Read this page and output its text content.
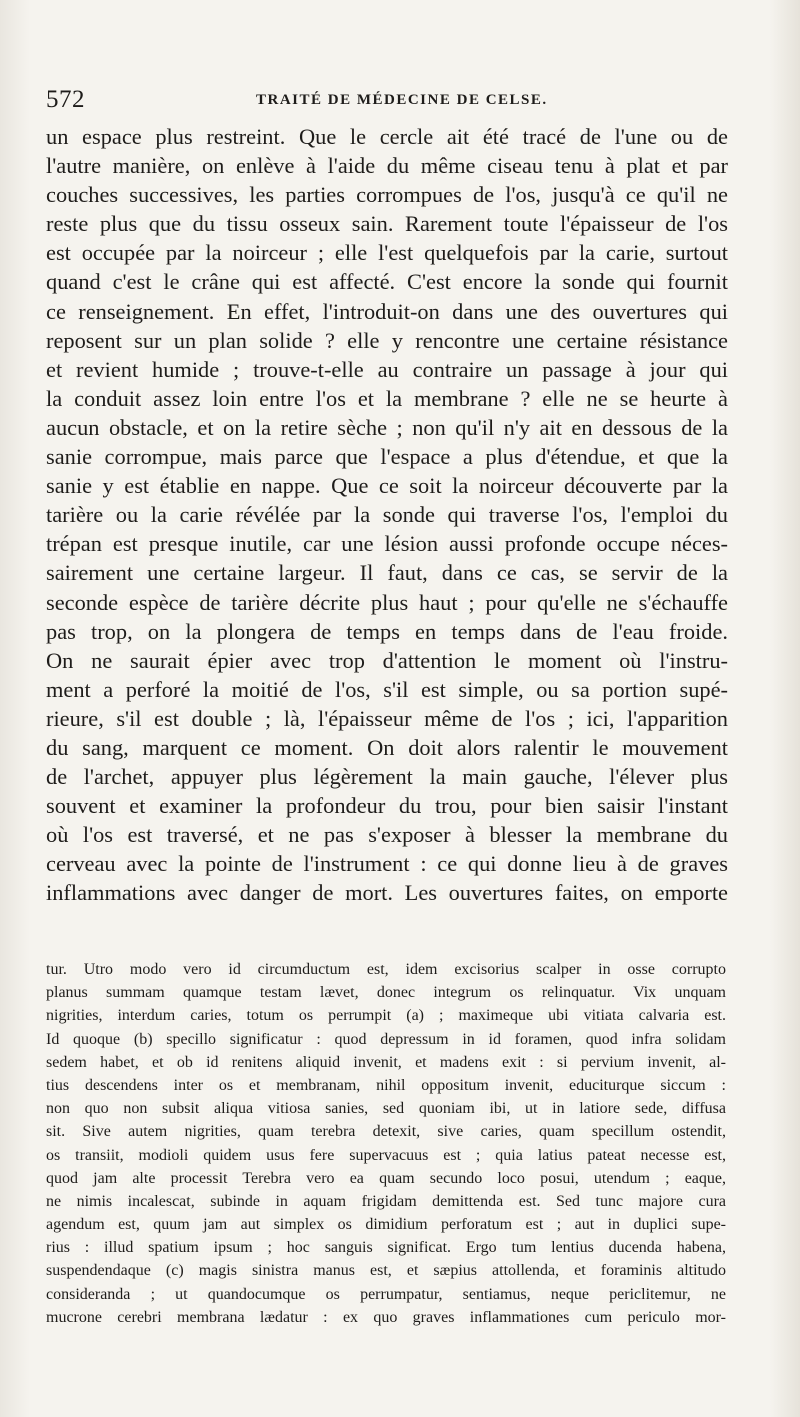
572	TRAITÉ DE MÉDECINE DE CELSE.
un espace plus restreint. Que le cercle ait été tracé de l'une ou de
l'autre manière, on enlève à l'aide du même ciseau tenu à plat et par
couches successives, les parties corrompues de l'os, jusqu'à ce qu'il ne
reste plus que du tissu osseux sain. Rarement toute l'épaisseur de l'os
est occupée par la noirceur ; elle l'est quelquefois par la carie, surtout
quand c'est le crâne qui est affecté. C'est encore la sonde qui fournit
ce renseignement. En effet, l'introduit-on dans une des ouvertures qui
reposent sur un plan solide ? elle y rencontre une certaine résistance
et revient humide ; trouve-t-elle au contraire un passage à jour qui
la conduit assez loin entre l'os et la membrane ? elle ne se heurte à
aucun obstacle, et on la retire sèche ; non qu'il n'y ait en dessous de la
sanie corrompue, mais parce que l'espace a plus d'étendue, et que la
sanie y est établie en nappe. Que ce soit la noirceur découverte par la
tarière ou la carie révélée par la sonde qui traverse l'os, l'emploi du
trépan est presque inutile, car une lésion aussi profonde occupe néces-
sairement une certaine largeur. Il faut, dans ce cas, se servir de la
seconde espèce de tarière décrite plus haut ; pour qu'elle ne s'échauffe
pas trop, on la plongera de temps en temps dans de l'eau froide.
On ne saurait épier avec trop d'attention le moment où l'instru-
ment a perforé la moitié de l'os, s'il est simple, ou sa portion supé-
rieure, s'il est double ; là, l'épaisseur même de l'os ; ici, l'apparition
du sang, marquent ce moment. On doit alors ralentir le mouvement
de l'archet, appuyer plus légèrement la main gauche, l'élever plus
souvent et examiner la profondeur du trou, pour bien saisir l'instant
où l'os est traversé, et ne pas s'exposer à blesser la membrane du
cerveau avec la pointe de l'instrument : ce qui donne lieu à de graves
inflammations avec danger de mort. Les ouvertures faites, on emporte
tur. Utro modo vero id circumductum est, idem excisorius scalper in osse corrupto
planus summam quamque testam lævet, donec integrum os relinquatur. Vix unquam
nigrities, interdum caries, totum os perrumpit (a) ; maximeque ubi vitiata calvaria est.
Id quoque (b) specillo significatur : quod depressum in id foramen, quod infra solidam
sedem habet, et ob id renitens aliquid invenit, et madens exit : si pervium invenit, al-
tius descendens inter os et membranam, nihil oppositum invenit, educiturque siccum :
non quo non subsit aliqua vitiosa sanies, sed quoniam ibi, ut in latiore sede, diffusa
sit. Sive autem nigrities, quam terebra detexit, sive caries, quam specillum ostendit,
os transiit, modioli quidem usus fere supervacuus est ; quia latius pateat necesse est,
quod jam alte processit Terebra vero ea quam secundo loco posui, utendum ; eaque,
ne nimis incalescat, subinde in aquam frigidam demittenda est. Sed tunc majore cura
agendum est, quum jam aut simplex os dimidium perforatum est ; aut in duplici supe-
rius : illud spatium ipsum ; hoc sanguis significat. Ergo tum lentius ducenda habena,
suspendendaque (c) magis sinistra manus est, et sæpius attollenda, et foraminis altitudo
consideranda ; ut quandocumque os perrumpatur, sentiamus, neque periclitemur, ne
mucrone cerebri membrana lædatur : ex quo graves inflammationes cum periculo mor-
